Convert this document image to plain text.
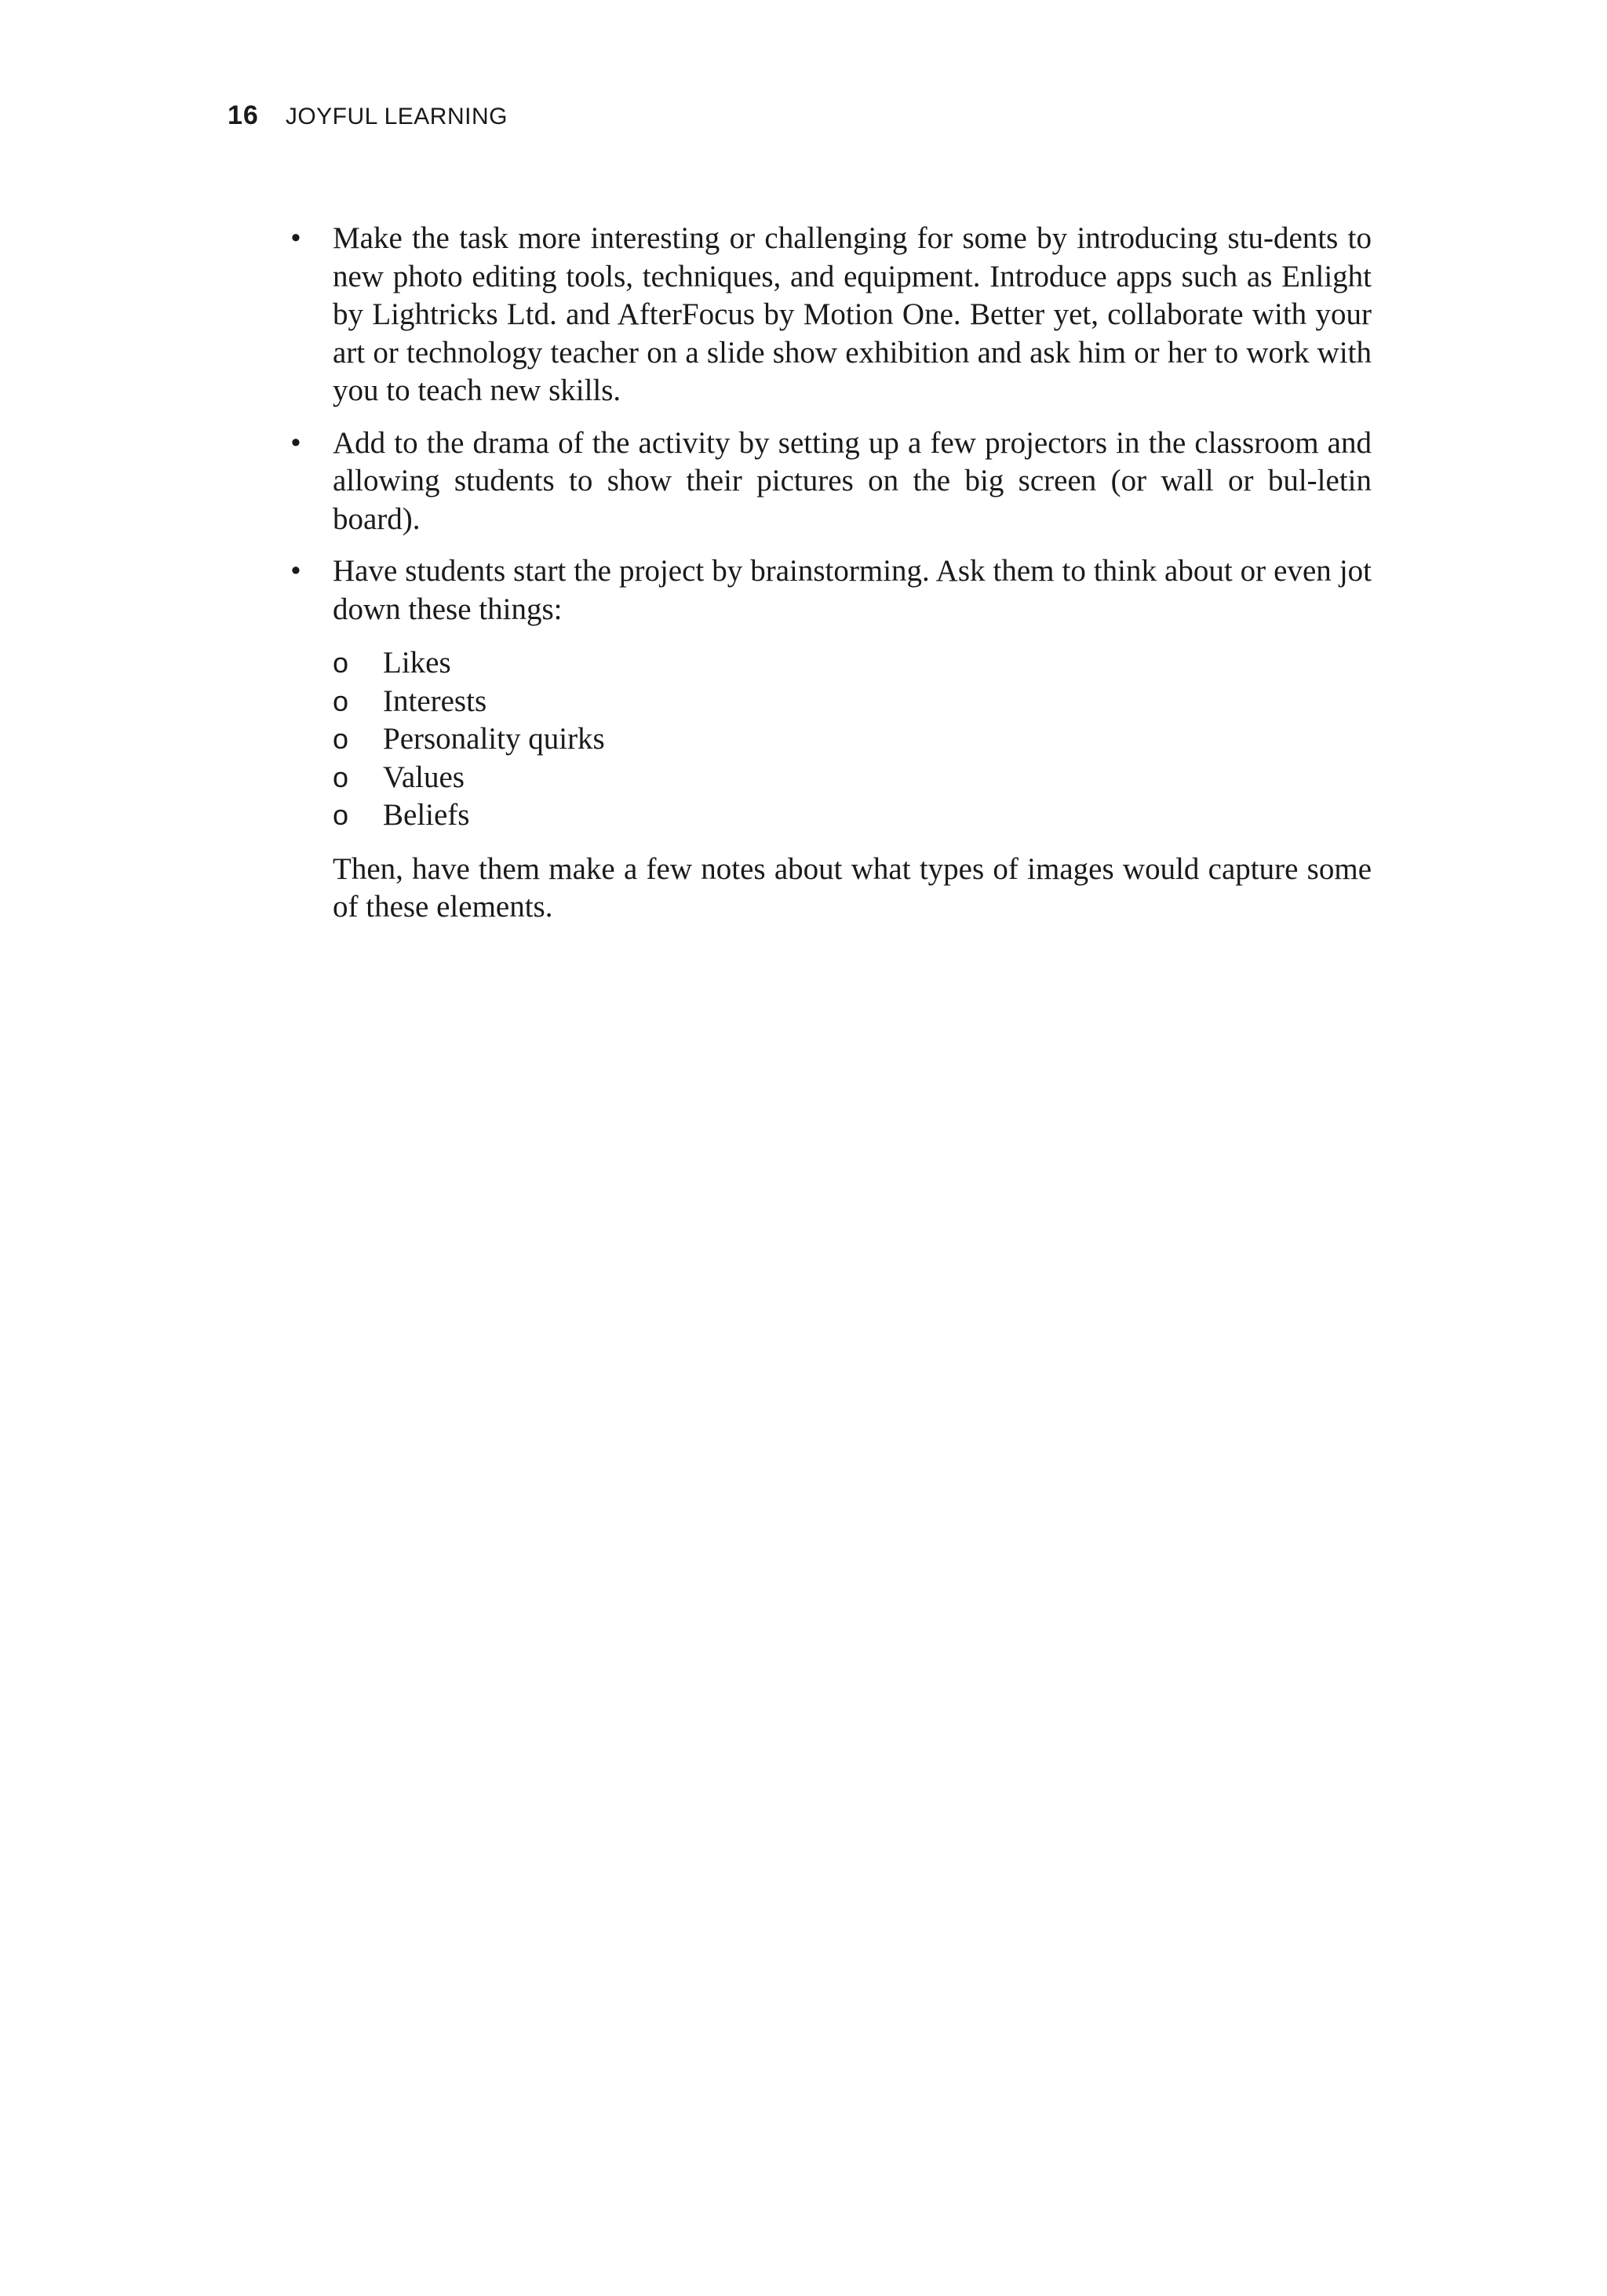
16 JOYFUL LEARNING
• Make the task more interesting or challenging for some by introducing stu-dents to new photo editing tools, techniques, and equipment. Introduce apps such as Enlight by Lightricks Ltd. and AfterFocus by Motion One. Better yet, collaborate with your art or technology teacher on a slide show exhibition and ask him or her to work with you to teach new skills.
• Add to the drama of the activity by setting up a few projectors in the classroom and allowing students to show their pictures on the big screen (or wall or bul-letin board).
• Have students start the project by brainstorming. Ask them to think about or even jot down these things:
o Likes
o Interests
o Personality quirks
o Values
o Beliefs
Then, have them make a few notes about what types of images would capture some of these elements.
